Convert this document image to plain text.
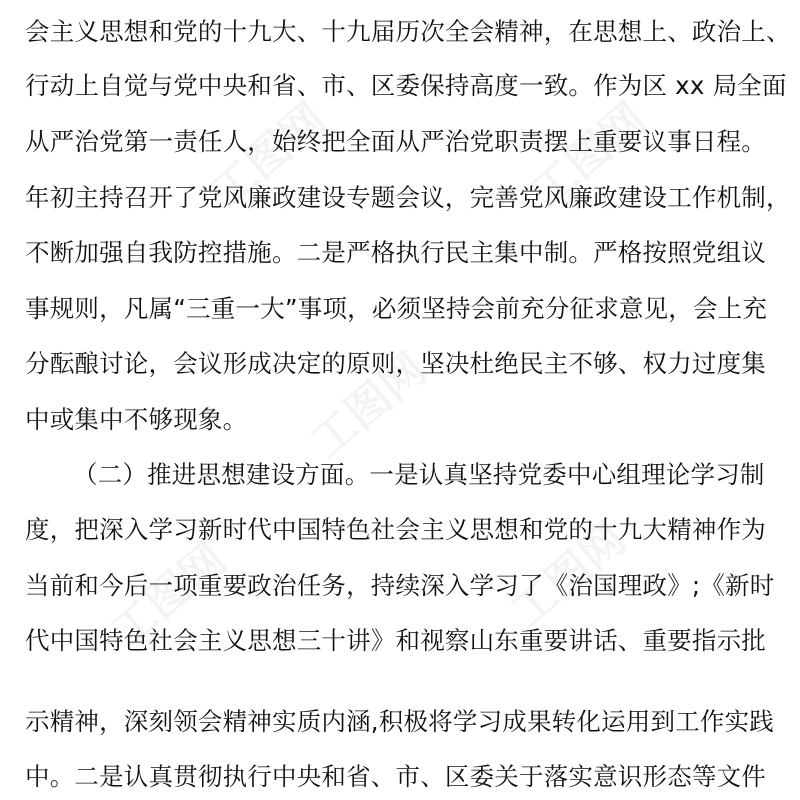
会主义思想和党的十九大、十九届历次全会精神，在思想上、政治上、
行动上自觉与党中央和省、市、区委保持高度一致。作为区 xx 局全面
从严治党第一责任人，始终把全面从严治党职责摆上重要议事日程。
年初主持召开了党风廉政建设专题会议，完善党风廉政建设工作机制，
不断加强自我防控措施。二是严格执行民主集中制。严格按照党组议
事规则，凡属“三重一大”事项，必须坚持会前充分征求意见，会上充
分酝酿讨论，会议形成决定的原则，坚决杜绝民主不够、权力过度集
中或集中不够现象。
（二）推进思想建设方面。一是认真坚持党委中心组理论学习制
度，把深入学习新时代中国特色社会主义思想和党的十九大精神作为
当前和今后一项重要政治任务，持续深入学习了《治国理政》;《新时
代中国特色社会主义思想三十讲》和视察山东重要讲话、重要指示批
示精神，深刻领会精神实质内涵,积极将学习成果转化运用到工作实践
中。二是认真贯彻执行中央和省、市、区委关于落实意识形态等文件
